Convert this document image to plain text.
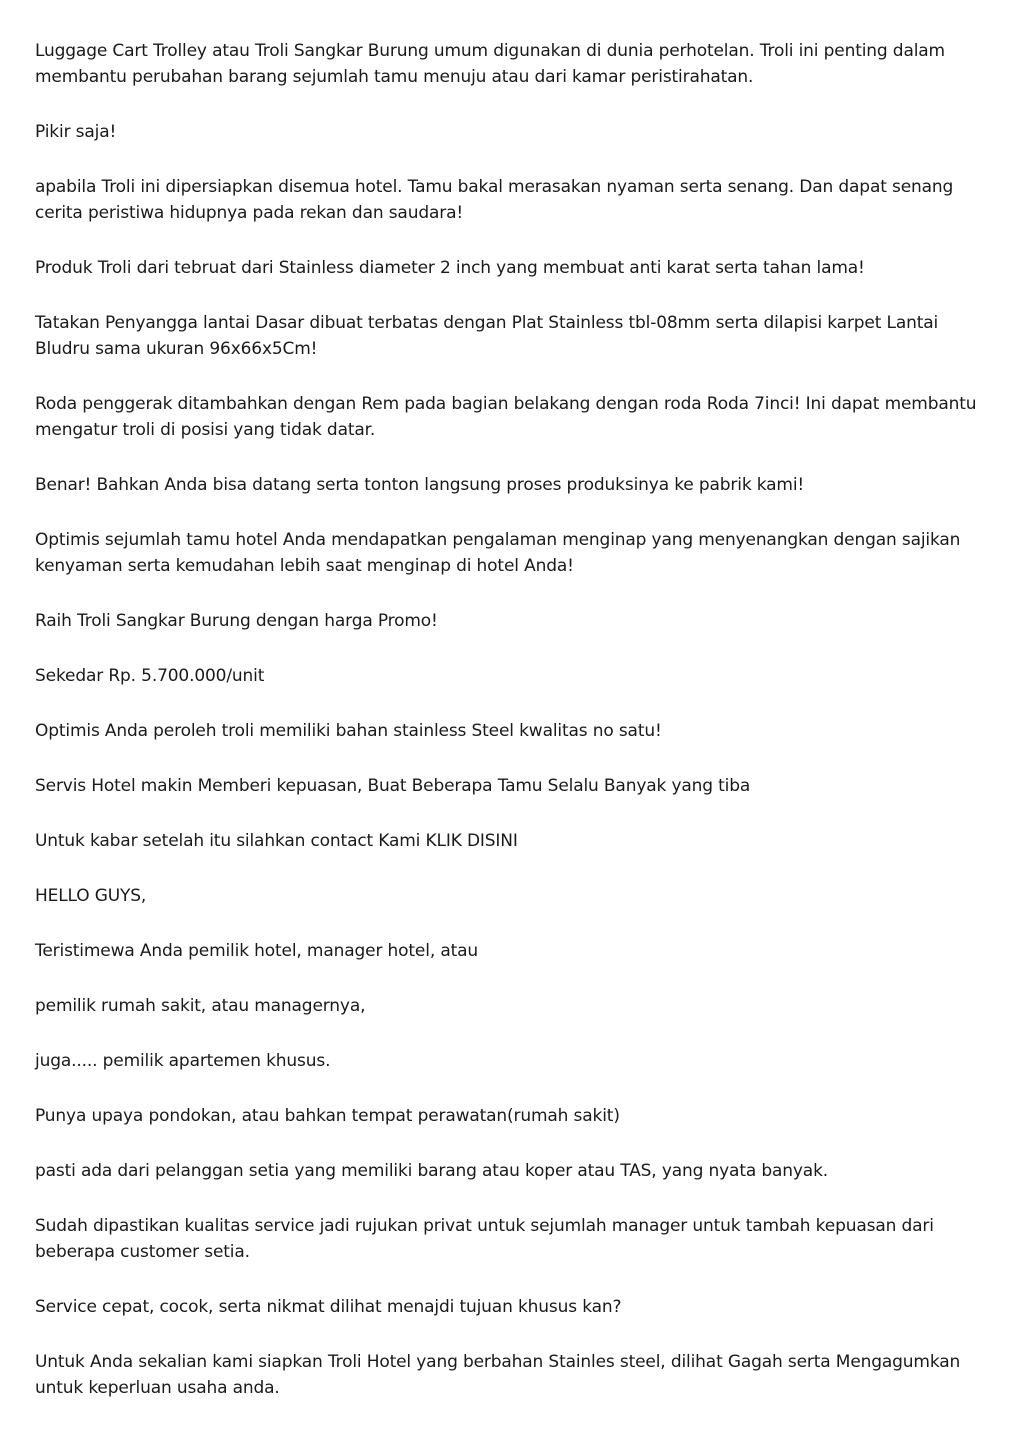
Luggage Cart Trolley atau Troli Sangkar Burung umum digunakan di dunia perhotelan. Troli ini penting dalam membantu perubahan barang sejumlah tamu menuju atau dari kamar peristirahatan.

Pikir saja!

apabila Troli ini dipersiapkan disemua hotel. Tamu bakal merasakan nyaman serta senang. Dan dapat senang cerita peristiwa hidupnya pada rekan dan saudara!

Produk Troli dari tebruat dari Stainless diameter 2 inch yang membuat anti karat serta tahan lama!

Tatakan Penyangga lantai Dasar dibuat terbatas dengan Plat Stainless tbl-08mm serta dilapisi karpet Lantai Bludru sama ukuran 96x66x5Cm!

Roda penggerak ditambahkan dengan Rem pada bagian belakang dengan roda Roda 7inci! Ini dapat membantu mengatur troli di posisi yang tidak datar.

Benar! Bahkan Anda bisa datang serta tonton langsung proses produksinya ke pabrik kami!

Optimis sejumlah tamu hotel Anda mendapatkan pengalaman menginap yang menyenangkan dengan sajikan kenyaman serta kemudahan lebih saat menginap di hotel Anda!

Raih Troli Sangkar Burung dengan harga Promo!

Sekedar Rp. 5.700.000/unit

Optimis Anda peroleh troli memiliki bahan stainless Steel kwalitas no satu!

Servis Hotel makin Memberi kepuasan, Buat Beberapa Tamu Selalu Banyak yang tiba

Untuk kabar setelah itu silahkan contact Kami KLIK DISINI

HELLO GUYS,

Teristimewa Anda pemilik hotel, manager hotel, atau

pemilik rumah sakit, atau managernya,

juga..... pemilik apartemen khusus.

Punya upaya pondokan, atau bahkan tempat perawatan(rumah sakit)

pasti ada dari pelanggan setia yang memiliki barang atau koper atau TAS, yang nyata banyak.

Sudah dipastikan kualitas service jadi rujukan privat untuk sejumlah manager untuk tambah kepuasan dari beberapa customer setia.

Service cepat, cocok, serta nikmat dilihat menajdi tujuan khusus kan?

Untuk Anda sekalian kami siapkan Troli Hotel yang berbahan Stainles steel, dilihat Gagah serta Mengagumkan untuk keperluan usaha anda.
